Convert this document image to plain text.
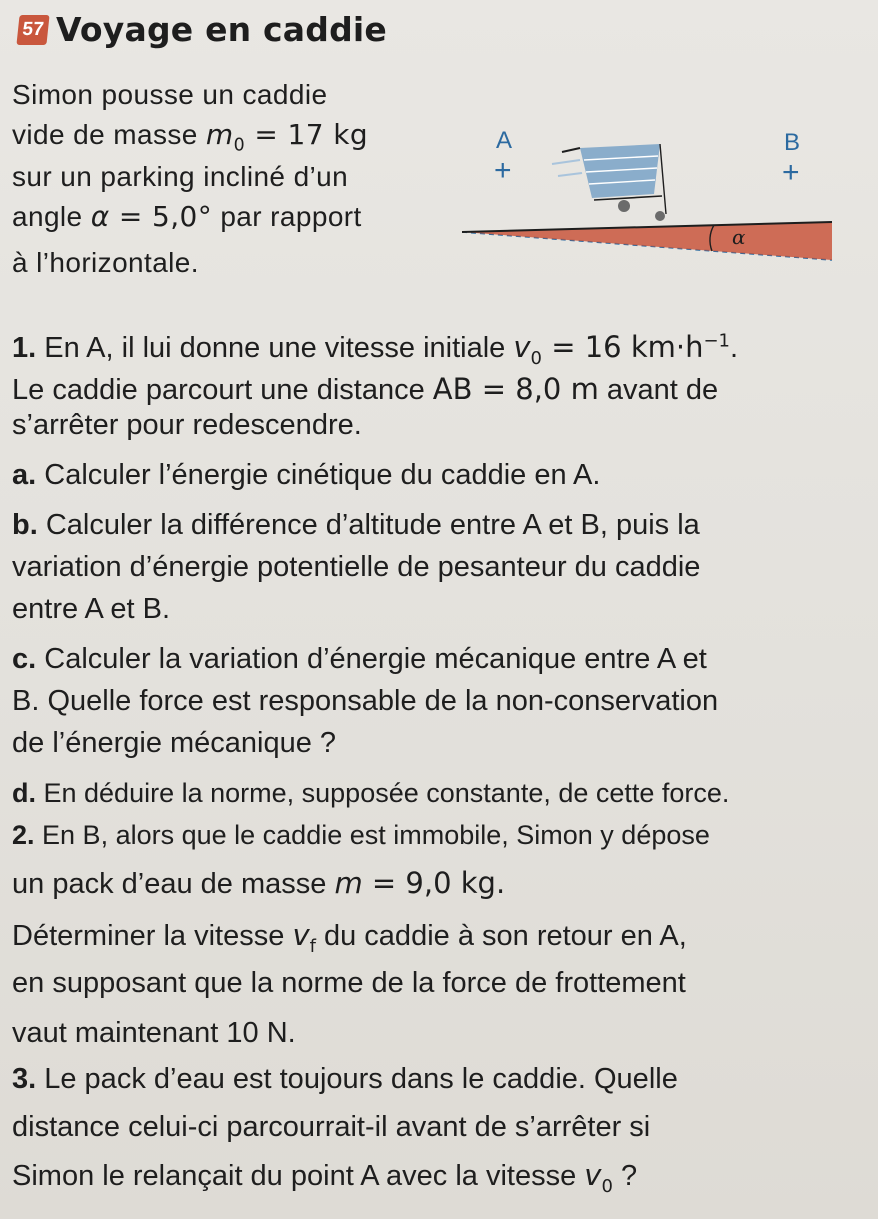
57 Voyage en caddie
Simon pousse un caddie
vide de masse $m_0 = 17$ kg
sur un parking incliné d’un
angle α = 5,0° par rapport
à l’horizontale.
α
A
+
B
+
1. En A, il lui donne une vitesse initiale $v_0 = 16$ $km\cdot h^{-1}$.
Le caddie parcourt une distance AB = 8,0 m avant de
s’arrêter pour redescendre.
a. Calculer l’énergie cinétique du caddie en A.
b. Calculer la différence d’altitude entre A et B, puis la
variation d’énergie potentielle de pesanteur du caddie
entre A et B.
c. Calculer la variation d’énergie mécanique entre A et
B. Quelle force est responsable de la non-conservation
de l’énergie mécanique ?
d. En déduire la norme, supposée constante, de cette force.
2. En B, alors que le caddie est immobile, Simon y dépose
un pack d’eau de masse m = 9,0 kg.
Déterminer la vitesse $v_f$ du caddie à son retour en A,
en supposant que la norme de la force de frottement
vaut maintenant 10 N.
3. Le pack d’eau est toujours dans le caddie. Quelle
distance celui-ci parcourrait-il avant de s’arrêter si
Simon le relançait du point A avec la vitesse $v_0$ ?
